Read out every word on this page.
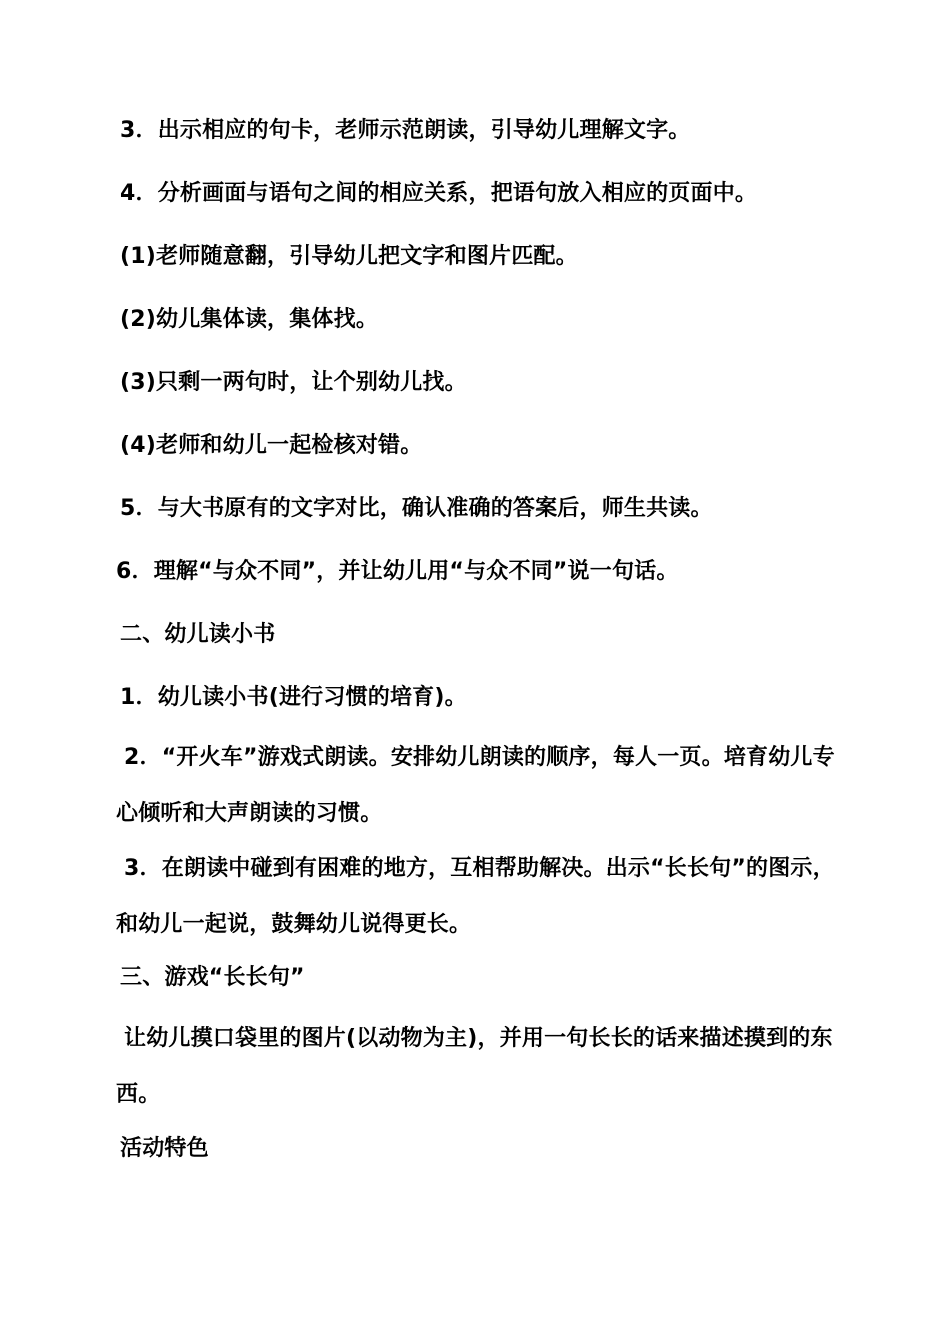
3．出示相应的句卡，老师示范朗读，引导幼儿理解文字。
4．分析画面与语句之间的相应关系，把语句放入相应的页面中。
(1)老师随意翻，引导幼儿把文字和图片匹配。
(2)幼儿集体读，集体找。
(3)只剩一两句时，让个别幼儿找。
(4)老师和幼儿一起检核对错。
5．与大书原有的文字对比，确认准确的答案后，师生共读。
6．理解“与众不同”，并让幼儿用“与众不同”说一句话。
二、幼儿读小书
1．幼儿读小书(进行习惯的培育)。
2．“开火车”游戏式朗读。安排幼儿朗读的顺序，每人一页。培育幼儿专心倾听和大声朗读的习惯。
3．在朗读中碰到有困难的地方，互相帮助解决。出示“长长句”的图示，和幼儿一起说，鼓舞幼儿说得更长。
三、游戏“长长句”
让幼儿摸口袋里的图片(以动物为主)，并用一句长长的话来描述摸到的东西。
活动特色
